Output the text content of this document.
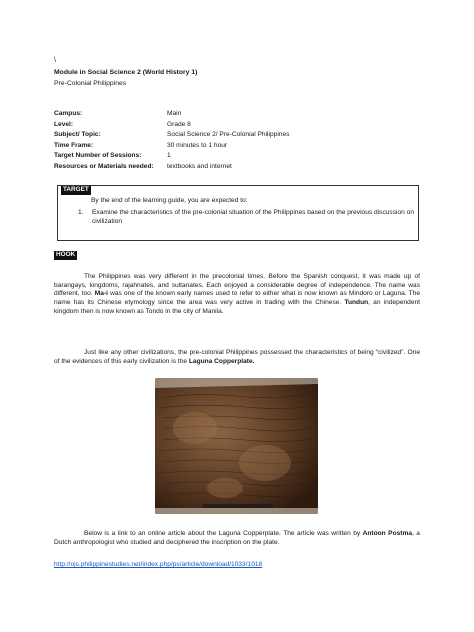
\
Module in Social Science 2 (World History 1)
Pre-Colonial Philippines
Campus:	Main
Level:	Grade 8
Subject/ Topic:	Social Science 2/ Pre-Colonial Philippines
Time Frame:	30 minutes to 1 hour
Target Number of Sessions:	1
Resources or Materials needed:	textbooks and internet
TARGET
By the end of the learning guide, you are expected to:
1.	Examine the characteristics of the pre-colonial situation of the Philippines based on the previous discussion on civilization
HOOK

The Philippines was very different in the precolonial times. Before the Spanish conquest, it was made up of barangays, kingdoms, rajahnates, and sultanates. Each enjoyed a considerable degree of independence. The name was different, too. Ma-i was one of the known early names used to refer to either what is now known as Mindoro or Laguna. The name has its Chinese etymology since the area was very active in trading with the Chinese. Tundun, an independent kingdom then is now known as Tondo in the city of Manila.

Just like any other civilizations, the pre-colonial Philippines possessed the characteristics of being “civilized”. One of the evidences of this early civilization is the Laguna Copperplate.

Below is a link to an online article about the Laguna Copperplate. The article was written by Antoon Postma, a Dutch anthropologist who studied and deciphered the inscription on the plate.

http://ojs.philippinestudies.net/index.php/ps/article/download/1033/1018
